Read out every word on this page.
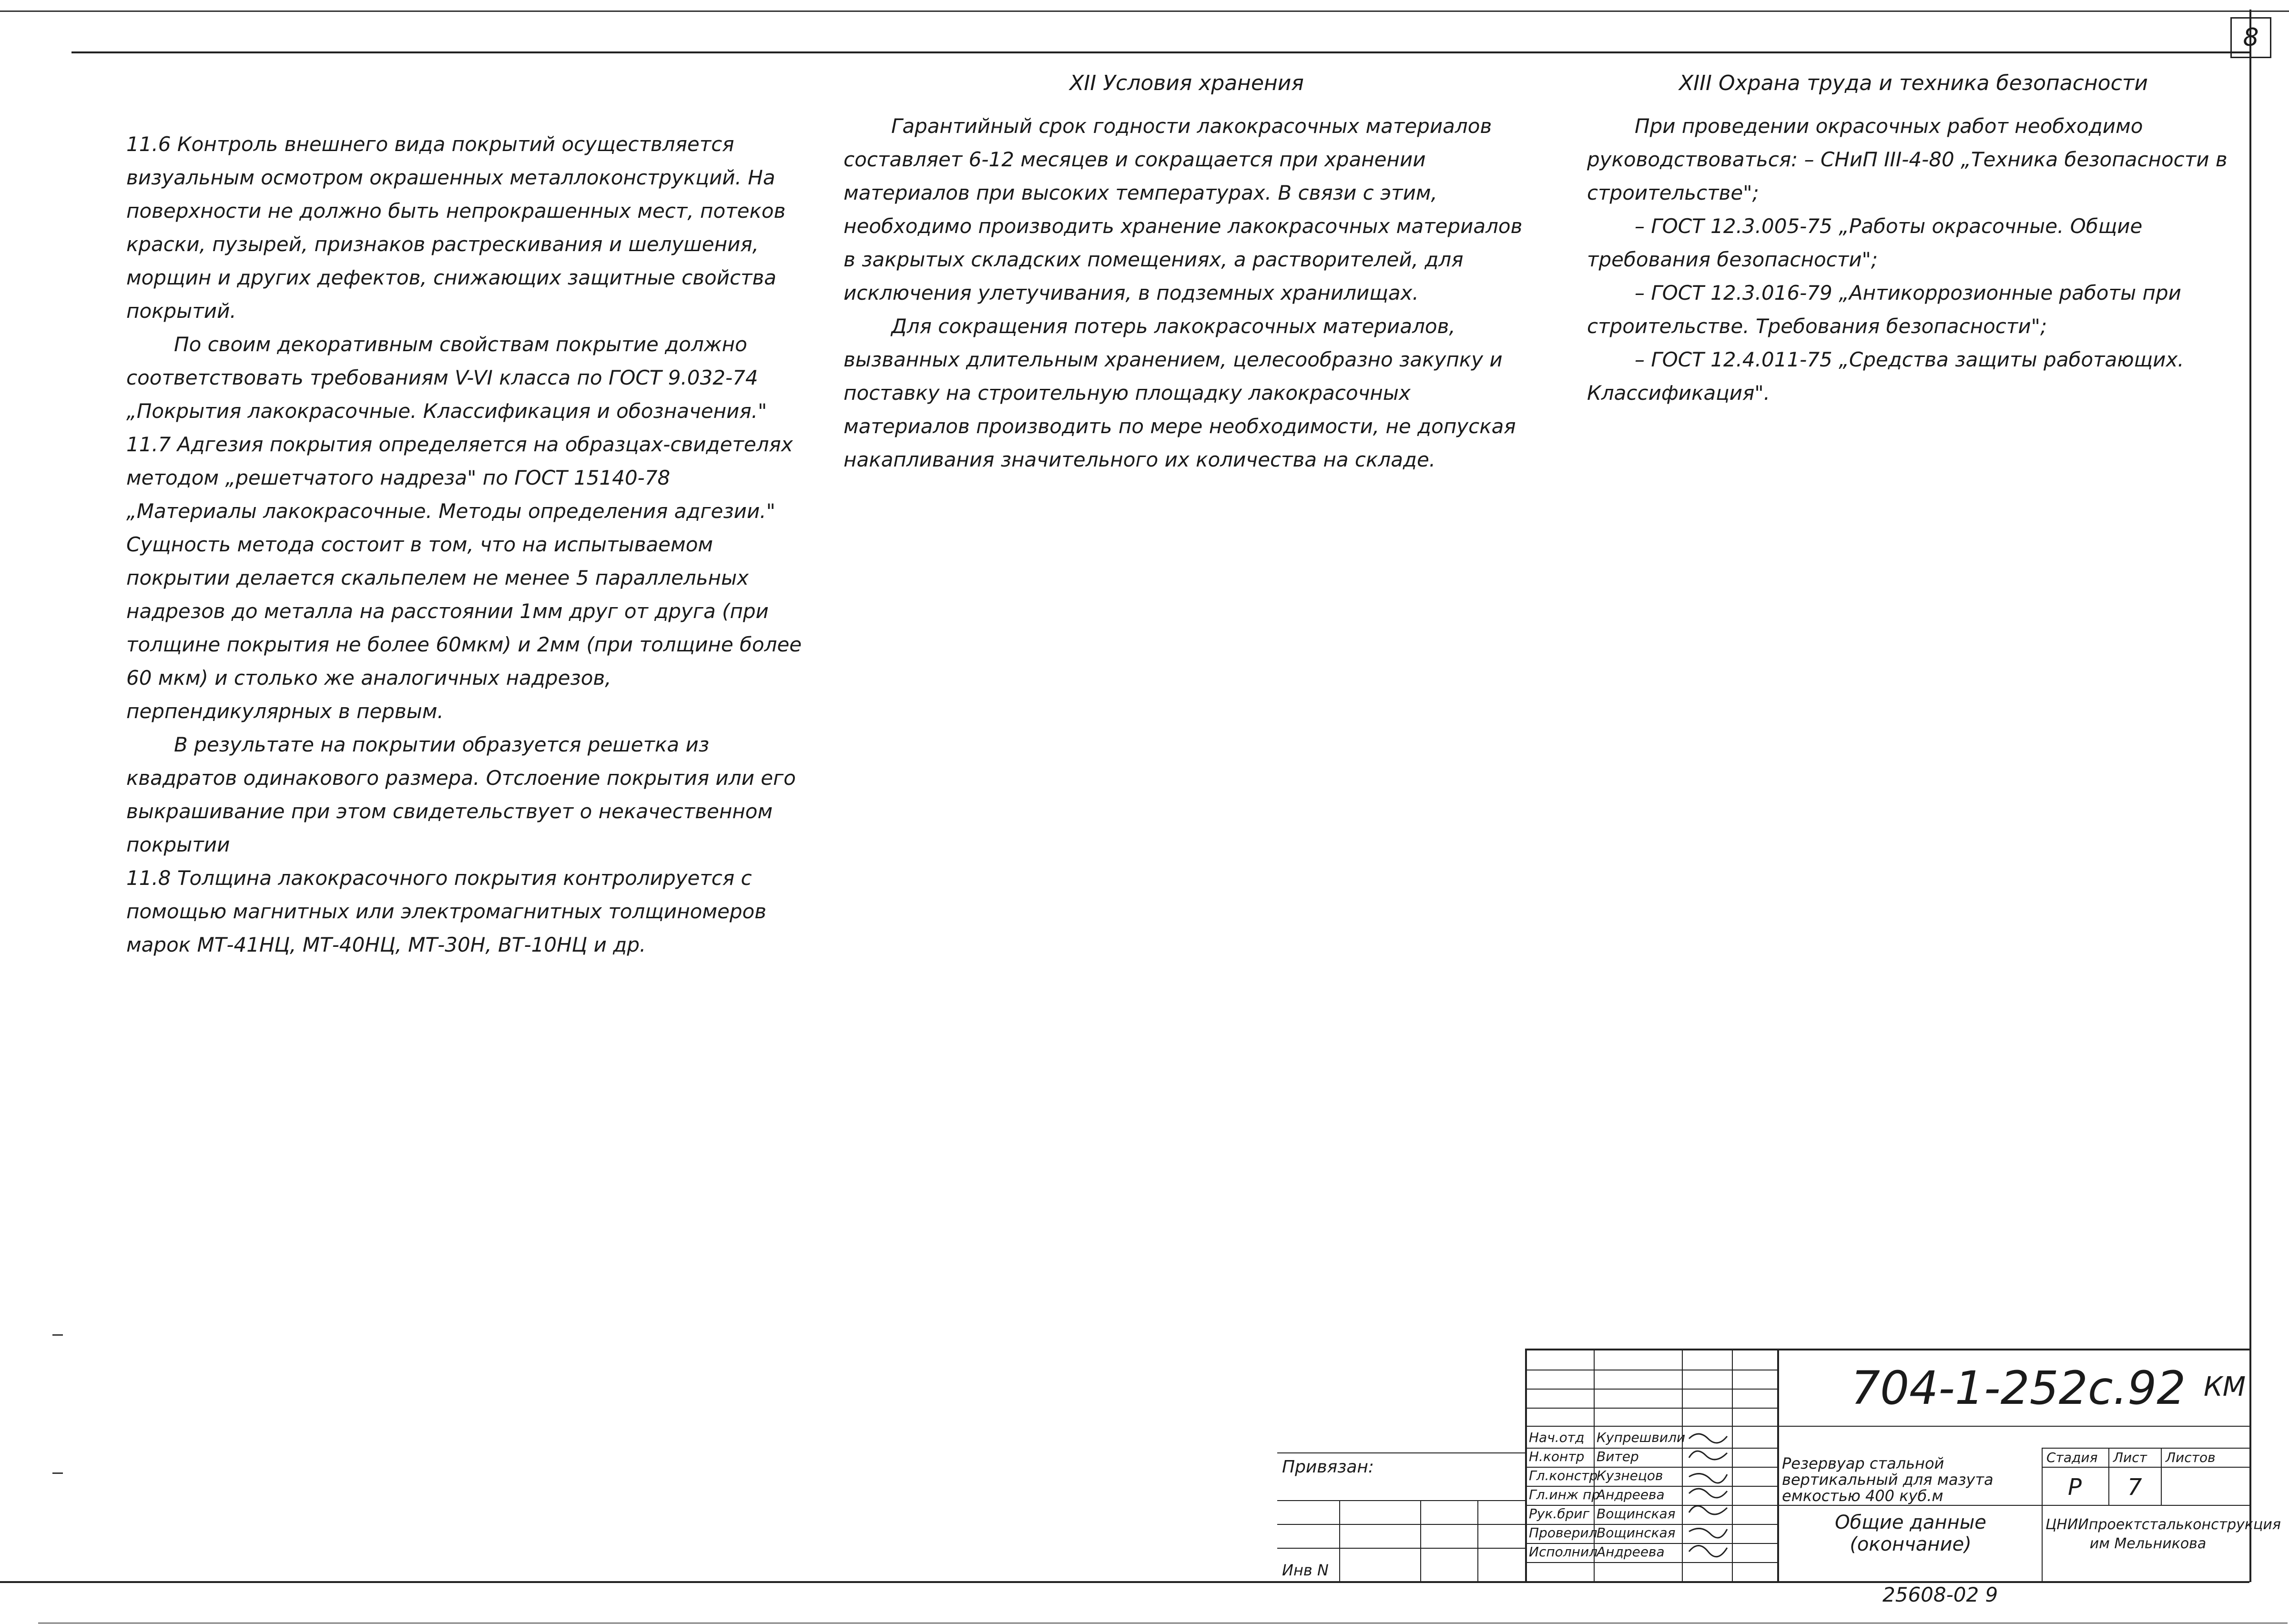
8

11.6 Контроль внешнего вида покрытий осуществляется визуальным осмотром окрашенных металлоконструкций. На поверхности не должно быть непрокрашенных мест, потеков краски, пузырей, признаков растрескивания и шелушения, морщин и других дефектов, снижающих защитные свойства покрытий.

По своим декоративным свойствам покрытие должно соответствовать требованиям V-VI класса по ГОСТ 9.032-74 „Покрытия лакокрасочные. Классификация и обозначения."

11.7 Адгезия покрытия определяется на образцах-свидетелях методом „решетчатого надреза" по ГОСТ 15140-78 „Материалы лакокрасочные. Методы определения адгезии." Сущность метода состоит в том, что на испытываемом покрытии делается скальпелем не менее 5 параллельных надрезов до металла на расстоянии 1мм друг от друга (при толщине покрытия не более 60мкм) и 2мм (при толщине более 60 мкм) и столько же аналогичных надрезов, перпендикулярных в первым.

В результате на покрытии образуется решетка из квадратов одинакового размера. Отслоение покрытия или его выкрашивание при этом свидетельствует о некачественном покрытии

11.8 Толщина лакокрасочного покрытия контролируется с помощью магнитных или электромагнитных толщиномеров марок МТ-41НЦ, МТ-40НЦ, МТ-30Н, ВТ-10НЦ и др.

XII Условия хранения

Гарантийный срок годности лакокрасочных материалов составляет 6-12 месяцев и сокращается при хранении материалов при высоких температурах. В связи с этим, необходимо производить хранение лакокрасочных материалов в закрытых складских помещениях, а растворителей, для исключения улетучивания, в подземных хранилищах.

Для сокращения потерь лакокрасочных материалов, вызванных длительным хранением, целесообразно закупку и поставку на строительную площадку лакокрасочных материалов производить по мере необходимости, не допуская накапливания значительного их количества на складе.

XIII Охрана труда и техника безопасности

При проведении окрасочных работ необходимо руководствоваться: – СНиП III-4-80 „Техника безопасности в строительстве";

– ГОСТ 12.3.005-75 „Работы окрасочные. Общие требования безопасности";

– ГОСТ 12.3.016-79 „Антикоррозионные работы при строительстве. Требования безопасности";

– ГОСТ 12.4.011-75 „Средства защиты работающих. Классификация".

Привязан:
Инв N
Нач.отд Купрешвили
Н.контр Витер
Гл.констр
Кузнецов
Гл.инж пр
Андреева
Рук.бриг Вощинская
Проверил
Вощинская
Исполнил
Андреева
704-1-252с.92 КМ
Резервуар стальной вертикальный для мазута емкостью 400 куб.м
Общие данные (окончание)
Стадия Лист Листов
Р 7
ЦНИИпроектстальконструкция им Мельникова
25608-02 9
